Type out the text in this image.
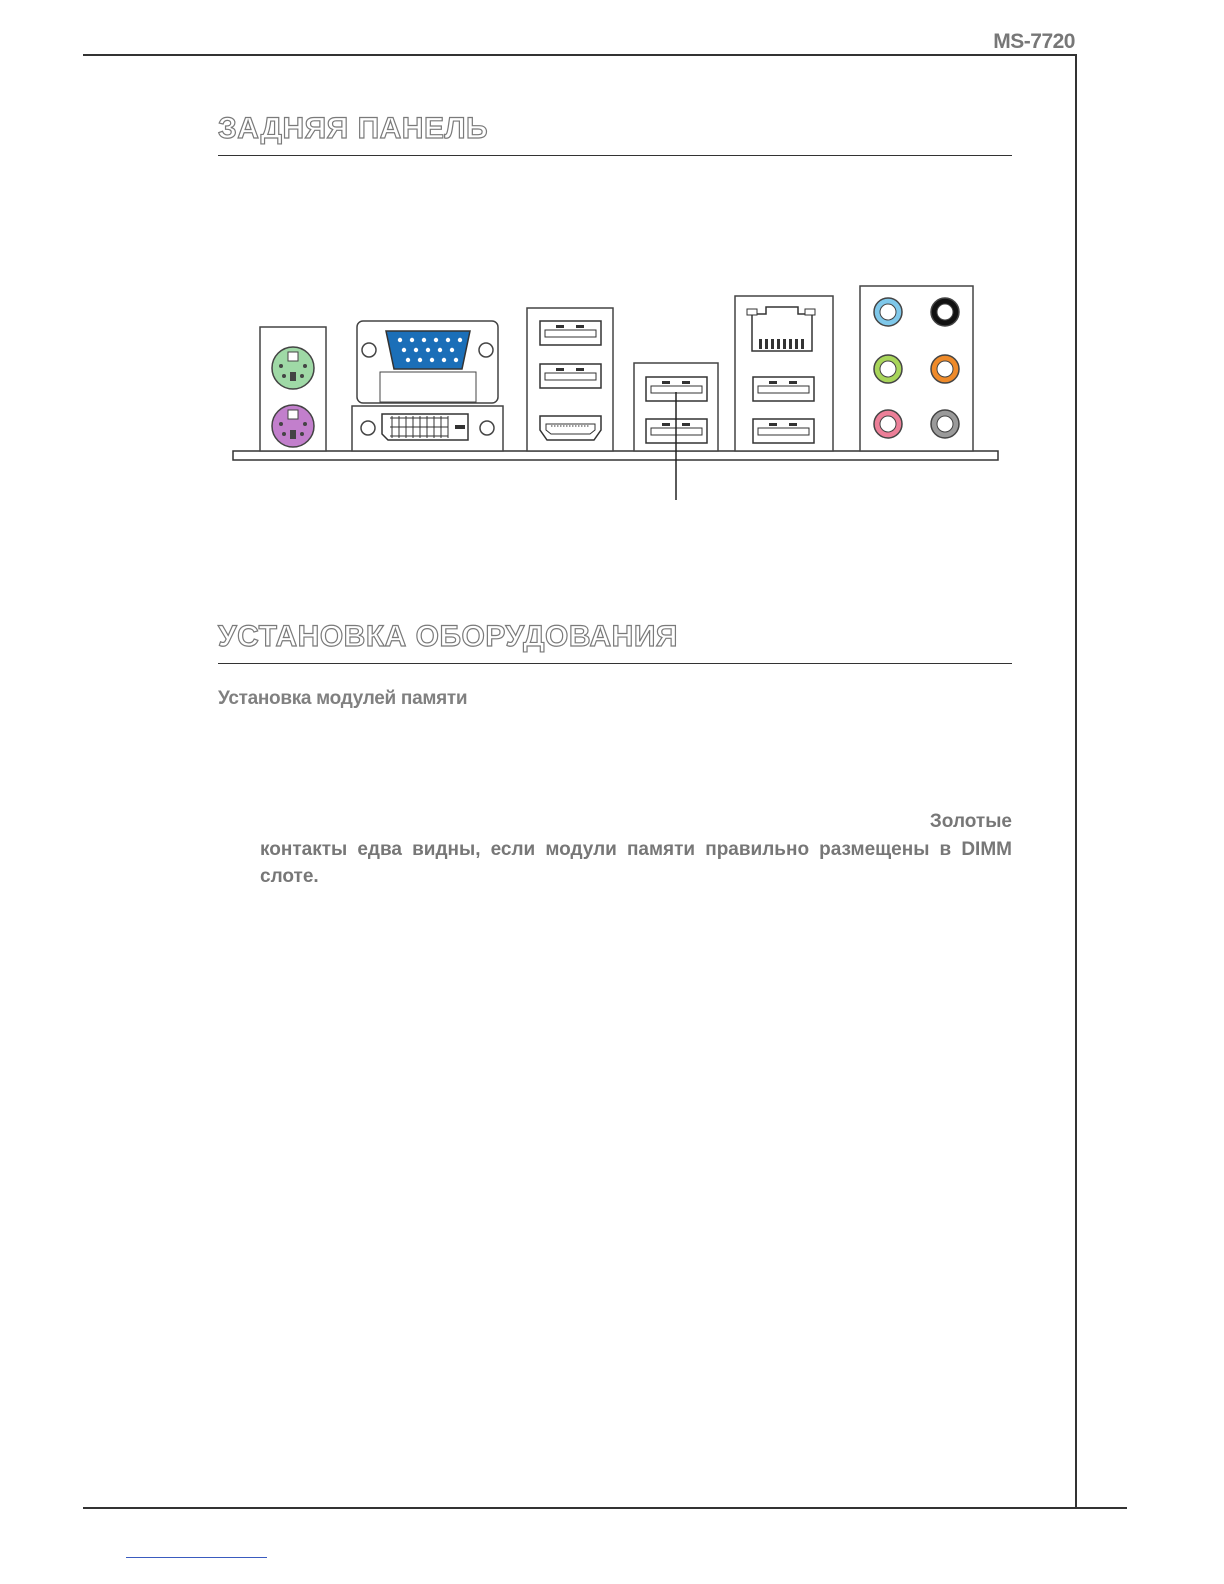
MS-7720
ЗАДНЯЯ ПАНЕЛЬ
УСТАНОВКА ОБОРУДОВАНИЯ
Установка модулей памяти
Золотые
контакты едва видны, если модули памяти правильно размещены в DIMM слоте.
